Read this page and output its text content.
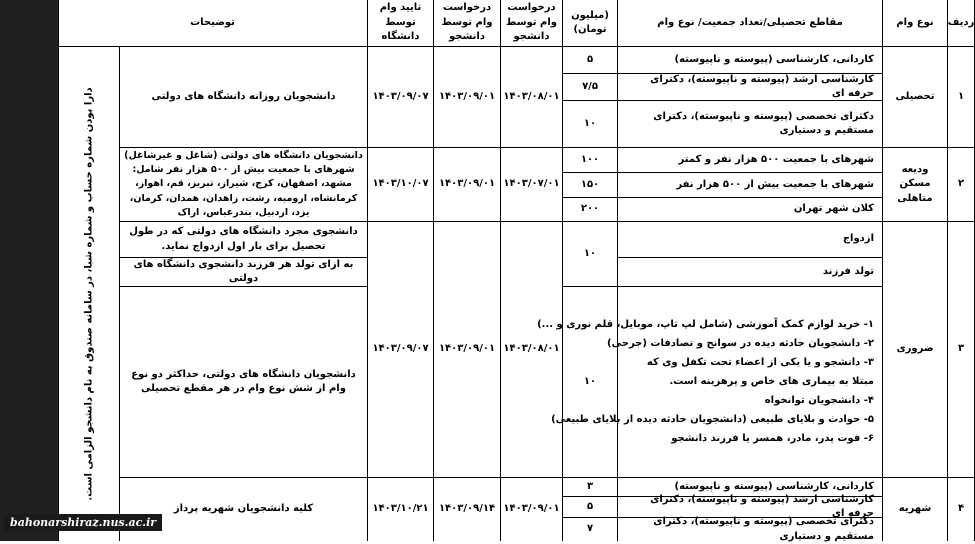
ردیف
نوع وام
مقاطع تحصیلی/تعداد جمعیت/ نوع وام
(میلیون تومان)
درخواست وام توسط دانشجو
درخواست وام توسط دانشجو
تایید وام توسط دانشگاه
توضیحات
۱
تحصیلی
کاردانی، کارشناسی (پیوسته و ناپیوسته)
۵
کارشناسی ارشد (پیوسته و ناپیوسته)، دکترای حرفه ای
۷/۵
دکترای تخصصی (پیوسته و ناپیوسته)، دکترای مستقیم و دستیاری
۱۰
۱۴۰۳/۰۸/۰۱
۱۴۰۳/۰۹/۰۱
۱۴۰۳/۰۹/۰۷
دانشجویان روزانه دانشگاه های دولتی
۲
ودیعه مسکن متاهلی
شهرهای با جمعیت ۵۰۰ هزار نفر و کمتر
۱۰۰
شهرهای با جمعیت بیش از ۵۰۰ هزار نفر
۱۵۰
کلان شهر تهران
۲۰۰
۱۴۰۳/۰۷/۰۱
۱۴۰۳/۰۹/۰۱
۱۴۰۳/۱۰/۰۷
دانشجویان دانشگاه های دولتی (شاغل و غیرشاغل) شهرهای با جمعیت بیش از ۵۰۰ هزار نفر شامل: مشهد، اصفهان، کرج، شیراز، تبریز، قم، اهواز، کرمانشاه، ارومیه، رشت، زاهدان، همدان، کرمان، یزد، اردبیل، بندرعباس، اراک
۳
ضروری
ازدواج
تولد فرزند
۱۰
۱- خرید لوازم کمک آموزشی (شامل لپ تاپ، موبایل، قلم نوری و ...)
۲- دانشجویان حادثه دیده در سوانح و تصادفات (جرحی)
۳- دانشجو و یا یکی از اعضاء تحت تکفل وی که مبتلا به بیماری های خاص و پرهزینه است.
۴- دانشجویان توانخواه
۵- حوادث و بلایای طبیعی (دانشجویان حادثه دیده از بلایای طبیعی)
۶- فوت پدر، مادر، همسر یا فرزند دانشجو
۱۰
۱۴۰۳/۰۸/۰۱
۱۴۰۳/۰۹/۰۱
۱۴۰۳/۰۹/۰۷
دانشجوی مجرد دانشگاه های دولتی که در طول تحصیل برای بار اول ازدواج نماید.
به ازای تولد هر فرزند دانشجوی دانشگاه های دولتی
دانشجویان دانشگاه های دولتی، حداکثر دو نوع وام از شش نوع وام در هر مقطع تحصیلی
۴
شهریه
کاردانی، کارشناسی (پیوسته و ناپیوسته)
۳
کارشناسی ارشد (پیوسته و ناپیوسته)، دکترای حرفه ای
۵
دکترای تخصصی (پیوسته و ناپیوسته)، دکترای مستقیم و دستیاری
۷
۱۴۰۳/۰۹/۰۱
۱۴۰۳/۰۹/۱۴
۱۴۰۳/۱۰/۲۱
کلیه دانشجویان شهریه پرداز
دارا بودن شماره حساب و شماره شبا، در سامانه صندوق به نام دانشجو الزامی است.
bahonarshiraz.nus.ac.ir
